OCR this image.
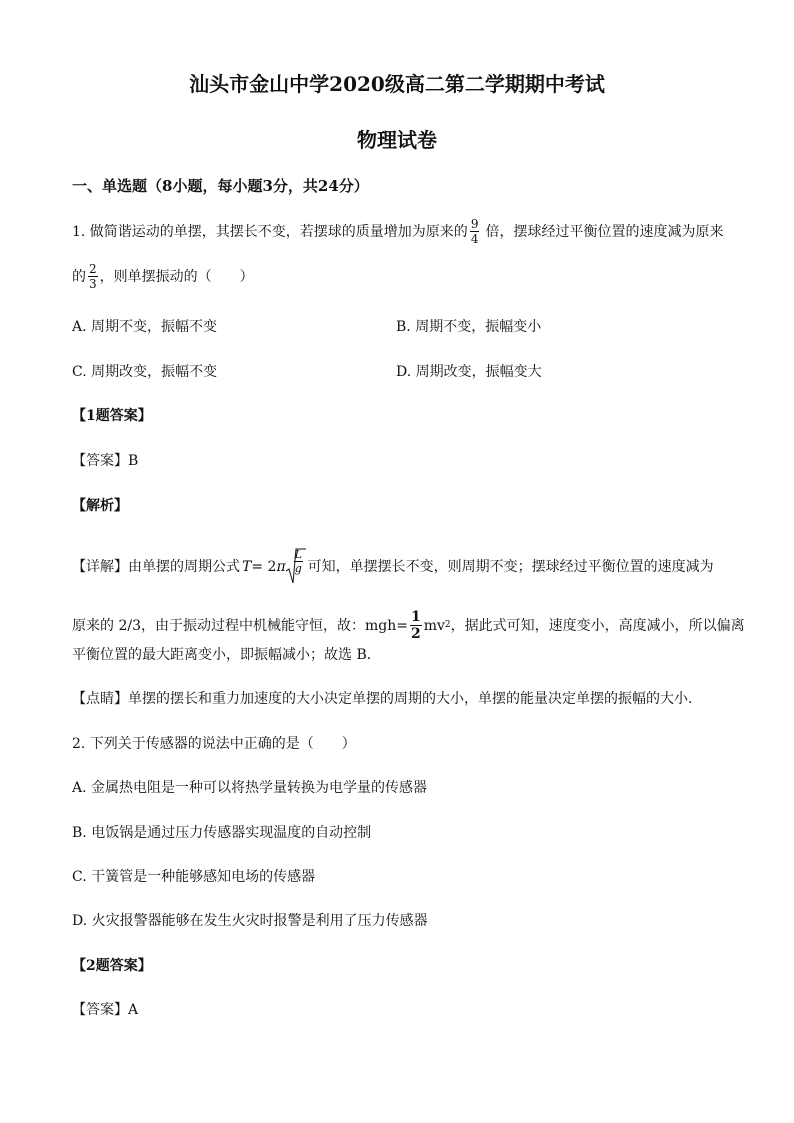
汕头市金山中学2020级高二第二学期期中考试
物理试卷
一、单选题（8小题，每小题3分，共24分）
1. 做简谐运动的单摆，其摆长不变，若摆球的质量增加为原来的 $\frac{9}{4}$ 倍，摆球经过平衡位置的速度减为原来
的 $\frac{2}{3}$ ，则单摆振动的（　　）
A. 周期不变，振幅不变	B. 周期不变，振幅变小
C. 周期改变，振幅不变	D. 周期改变，振幅变大
【1题答案】
【答案】B
【解析】
【详解】由单摆的周期公式 T = 2 π $\frac{L}{g}$ 可知，单摆摆长不变，则周期不变；摆球经过平衡位置的速度减为
原来的 2/3，由于振动过程中机械能守恒，故：$mgh= \frac{1}{2}$ mv 2 ，据此式可知，速度变小，高度减小，所以偏离
平衡位置的最大距离变小，即振幅减小；故选 B．
【点睛】单摆的摆长和重力加速度的大小决定单摆的周期的大小，单摆的能量决定单摆的振幅的大小．
2. 下列关于传感器的说法中正确的是（　　）
A. 金属热电阻是一种可以将热学量转换为电学量的传感器
B. 电饭锅是通过压力传感器实现温度的自动控制
C. 干簧管是一种能够感知电场的传感器
D. 火灾报警器能够在发生火灾时报警是利用了压力传感器
【2题答案】
【答案】A
